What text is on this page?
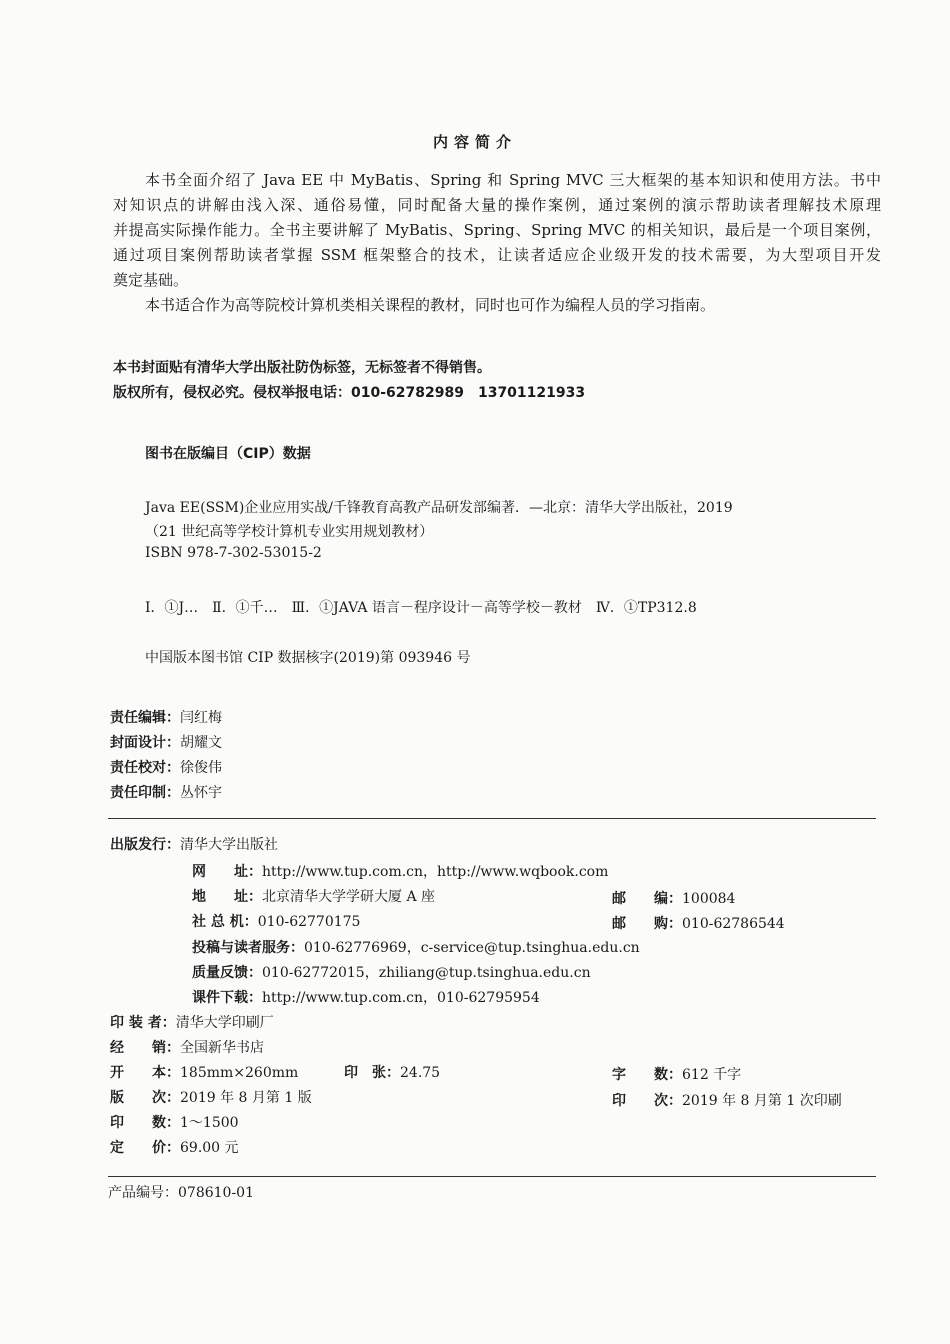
内容简介
本书全面介绍了 Java EE 中 MyBatis、Spring 和 Spring MVC 三大框架的基本知识和使用方法。书中
对知识点的讲解由浅入深、通俗易懂，同时配备大量的操作案例，通过案例的演示帮助读者理解技术原理
并提高实际操作能力。全书主要讲解了 MyBatis、Spring、Spring MVC 的相关知识，最后是一个项目案例，
通过项目案例帮助读者掌握 SSM 框架整合的技术，让读者适应企业级开发的技术需要，为大型项目开发
奠定基础。
本书适合作为高等院校计算机类相关课程的教材，同时也可作为编程人员的学习指南。
本书封面贴有清华大学出版社防伪标签，无标签者不得销售。
版权所有，侵权必究。侵权举报电话：010-62782989　13701121933
图书在版编目（CIP）数据
Java EE(SSM)企业应用实战/千锋教育高教产品研发部编著．—北京：清华大学出版社，2019
（21 世纪高等学校计算机专业实用规划教材）
ISBN 978-7-302-53015-2
Ⅰ．①J…　Ⅱ．①千…　Ⅲ．①JAVA 语言－程序设计－高等学校－教材　Ⅳ．①TP312.8
中国版本图书馆 CIP 数据核字(2019)第 093946 号
责任编辑：闫红梅
封面设计：胡耀文
责任校对：徐俊伟
责任印制：丛怀宇
出版发行：清华大学出版社
网　　址：http://www.tup.com.cn，http://www.wqbook.com
地　　址：北京清华大学学研大厦 A 座	邮　　编：100084
社 总 机：010-62770175	邮　　购：010-62786544
投稿与读者服务：010-62776969，c-service@tup.tsinghua.edu.cn
质量反馈：010-62772015，zhiliang@tup.tsinghua.edu.cn
课件下载：http://www.tup.com.cn，010-62795954
印 装 者：清华大学印刷厂
经　　销：全国新华书店
开　　本：185mm×260mm	印　张：24.75	字　　数：612 千字
版　　次：2019 年 8 月第 1 版	印　　次：2019 年 8 月第 1 次印刷
印　　数：1～1500
定　　价：69.00 元
产品编号：078610-01
